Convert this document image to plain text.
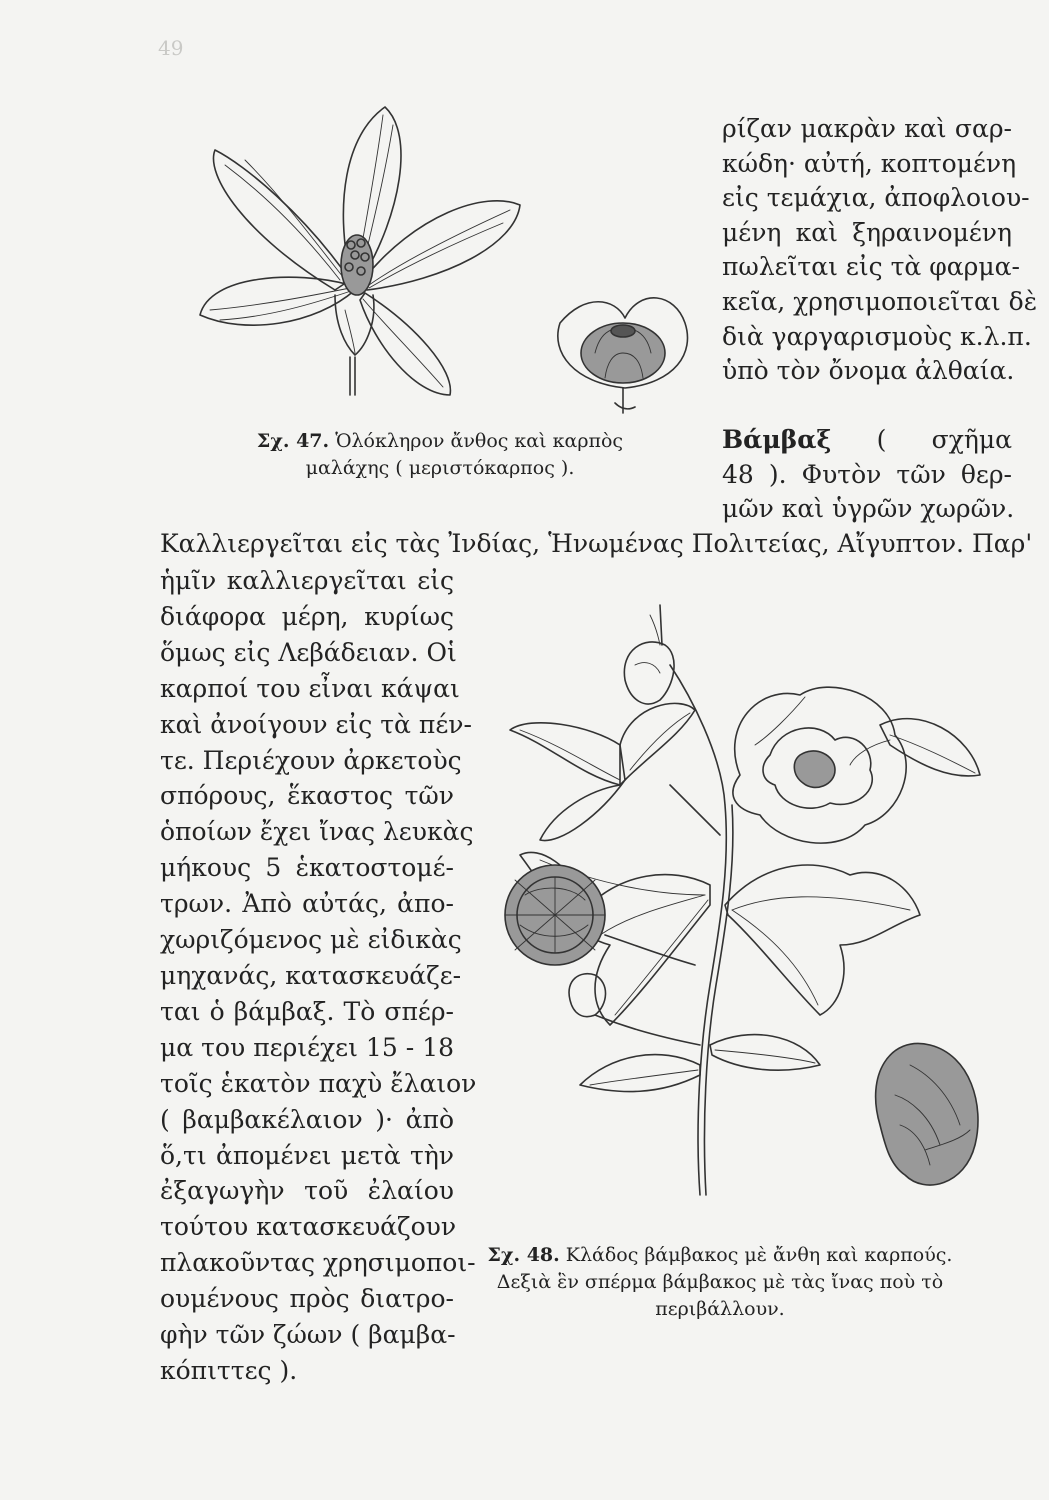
49
ρίζαν μακρὰν καὶ σαρ-
κώδη· αὐτή, κοπτομένη
εἰς τεμάχια, ἀποφλοιου-
μένη καὶ ξηραινομένη
πωλεῖται εἰς τὰ φαρμα-
κεῖα, χρησιμοποιεῖται δὲ
διὰ γαργαρισμοὺς κ.λ.π.
ὑπὸ τὸν ὄνομα ἀλθαία.
Σχ. 47. Ὁλόκληρον ἄνθος καὶ καρπὸς
μαλάχης ( μεριστόκαρπος ).
Βάμβαξ ( σχῆμα
48 ). Φυτὸν τῶν θερ-
μῶν καὶ ὑγρῶν χωρῶν.
Καλλιεργεῖται εἰς τὰς Ἰνδίας, Ἡνωμένας Πολιτείας, Αἴγυπτον. Παρ'
ἡμῖν καλλιεργεῖται εἰς
διάφορα μέρη, κυρίως
ὅμως εἰς Λεβάδειαν. Οἱ
καρποί του εἶναι κάψαι
καὶ ἀνοίγουν εἰς τὰ πέν-
τε. Περιέχουν ἀρκετοὺς
σπόρους, ἕκαστος τῶν
ὁποίων ἔχει ἴνας λευκὰς
μήκους 5 ἑκατοστομέ-
τρων. Ἀπὸ αὐτάς, ἀπο-
χωριζόμενος μὲ εἰδικὰς
μηχανάς, κατασκευάζε-
ται ὁ βάμβαξ. Τὸ σπέρ-
μα του περιέχει 15 - 18
τοῖς ἑκατὸν παχὺ ἔλαιον
( βαμβακέλαιον )· ἀπὸ
ὅ,τι ἀπομένει μετὰ τὴν
ἐξαγωγὴν τοῦ ἐλαίου
τούτου κατασκευάζουν
πλακοῦντας χρησιμοποι-
ουμένους πρὸς διατρο-
φὴν τῶν ζώων ( βαμβα-
κόπιττες ).
Σχ. 48. Κλάδος βάμβακος μὲ ἄνθη καὶ καρπούς.
Δεξιὰ ἓν σπέρμα βάμβακος μὲ τὰς ἴνας ποὺ τὸ
περιβάλλουν.
